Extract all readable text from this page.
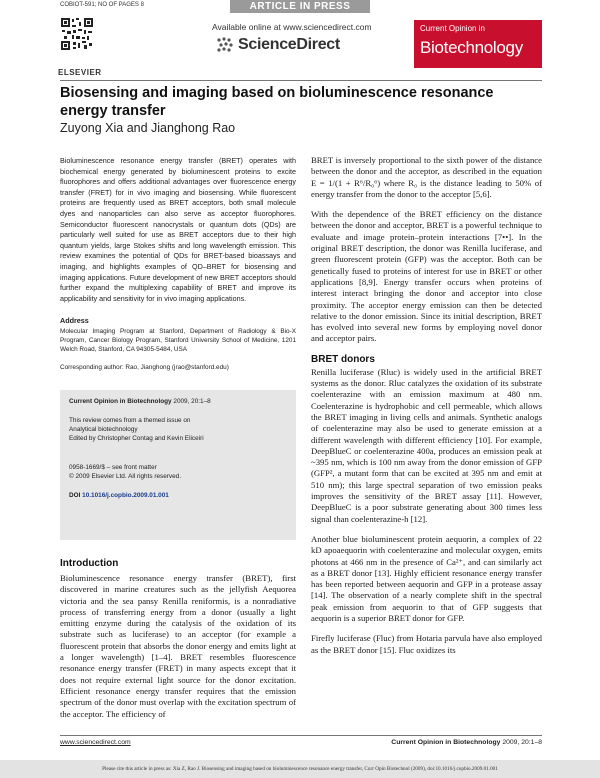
COBIOT-591; NO OF PAGES 8	ARTICLE IN PRESS
ELSEVIER
Available online at www.sciencedirect.com
ScienceDirect
Current Opinion in
Biotechnology
Biosensing and imaging based on bioluminescence resonance energy transfer
Zuyong Xia and Jianghong Rao

Bioluminescence resonance energy transfer (BRET) operates with biochemical energy generated by bioluminescent proteins to excite fluorophores and offers additional advantages over fluorescence energy transfer (FRET) for in vivo imaging and biosensing. While fluorescent proteins are frequently used as BRET acceptors, both small molecule dyes and nanoparticles can also serve as acceptor fluorophores. Semiconductor fluorescent nanocrystals or quantum dots (QDs) are particularly well suited for use as BRET acceptors due to their high quantum yields, large Stokes shifts and long wavelength emission. This review examines the potential of QDs for BRET-based bioassays and imaging, and highlights examples of QD–BRET for biosensing and imaging applications. Future development of new BRET acceptors should further expand the multiplexing capability of BRET and improve its applicability and sensitivity for in vivo imaging applications.

Address

Molecular Imaging Program at Stanford, Department of Radiology & Bio-X Program, Cancer Biology Program, Stanford University School of Medicine, 1201 Welch Road, Stanford, CA 94305-5484, USA

Corresponding author: Rao, Jianghong (jrao@stanford.edu)

Current Opinion in Biotechnology 2009, 20:1–8
This review comes from a themed issue on
Analytical biotechnology
Edited by Christopher Contag and Kevin Eliceiri
0958-1669/$ – see front matter
© 2009 Elsevier Ltd. All rights reserved.
DOI 10.1016/j.copbio.2009.01.001
Introduction

Bioluminescence resonance energy transfer (BRET), first discovered in marine creatures such as the jellyfish Aequorea victoria and the sea pansy Renilla reniformis, is a nonradiative process of transferring energy from a donor (usually a light emitting enzyme during the catalysis of the oxidation of its substrate such as luciferase) to an acceptor (for example a fluorescent protein that absorbs the donor energy and emits light at a longer wavelength) [1–4]. BRET resembles fluorescence resonance energy transfer (FRET) in many aspects except that it does not require external light source for the donor excitation. Efficient resonance energy transfer requires that the emission spectrum of the donor must overlap with the excitation spectrum of the acceptor. The efficiency of

BRET is inversely proportional to the sixth power of the distance between the donor and the acceptor, as described in the equation E = 1/(1 + R⁶/R₀⁶) where R₀ is the distance leading to 50% of energy transfer from the donor to the acceptor [5,6].

With the dependence of the BRET efficiency on the distance between the donor and acceptor, BRET is a powerful technique to evaluate and image protein–protein interactions [7••]. In the original BRET description, the donor was Renilla luciferase, and green fluorescent protein (GFP) was the acceptor. Both can be genetically fused to proteins of interest for use in BRET or other applications [8,9]. Energy transfer occurs when proteins of interest interact bringing the donor and acceptor into close proximity. The acceptor energy emission can then be detected relative to the donor emission. Since its initial description, BRET has evolved into several new forms by employing novel donor and acceptor pairs.

BRET donors

Renilla luciferase (Rluc) is widely used in the artificial BRET systems as the donor. Rluc catalyzes the oxidation of its substrate coelenterazine with an emission maximum at 480 nm. Coelenterazine is hydrophobic and cell permeable, which allows the BRET imaging in living cells and animals. Synthetic analogs of coelenterazine may also be used to generate emission at a different wavelength with different efficiency [10]. For example, DeepBlueC or coelenterazine 400a, produces an emission peak at ~395 nm, which is 100 nm away from the donor emission of GFP (GFP², a mutant form that can be excited at 395 nm and emit at 510 nm); this large spectral separation of two emission peaks improves the sensitivity of the BRET assay [11]. However, DeepBlueC is a poor substrate generating about 300 times less signal than coelenterazine-h [12].

Another blue bioluminescent protein aequorin, a complex of 22 kD apoaequorin with coelenterazine and molecular oxygen, emits photons at 466 nm in the presence of Ca²⁺, and can similarly act as a BRET donor [13]. Highly efficient resonance energy transfer has been reported between aequorin and GFP in a protease assay [14]. The observation of a nearly complete shift in the spectral peak emission from aequorin to that of GFP suggests that aequorin is a superior BRET donor for GFP.

Firefly luciferase (Fluc) from Hotaria parvula have also employed as the BRET donor [15]. Fluc oxidizes its

www.sciencedirect.com	Current Opinion in Biotechnology 2009, 20:1–8
Please cite this article in press as: Xia Z, Rao J. Biosensing and imaging based on bioluminescence resonance energy transfer, Curr Opin Biotechnol (2009), doi:10.1016/j.copbio.2009.01.001
